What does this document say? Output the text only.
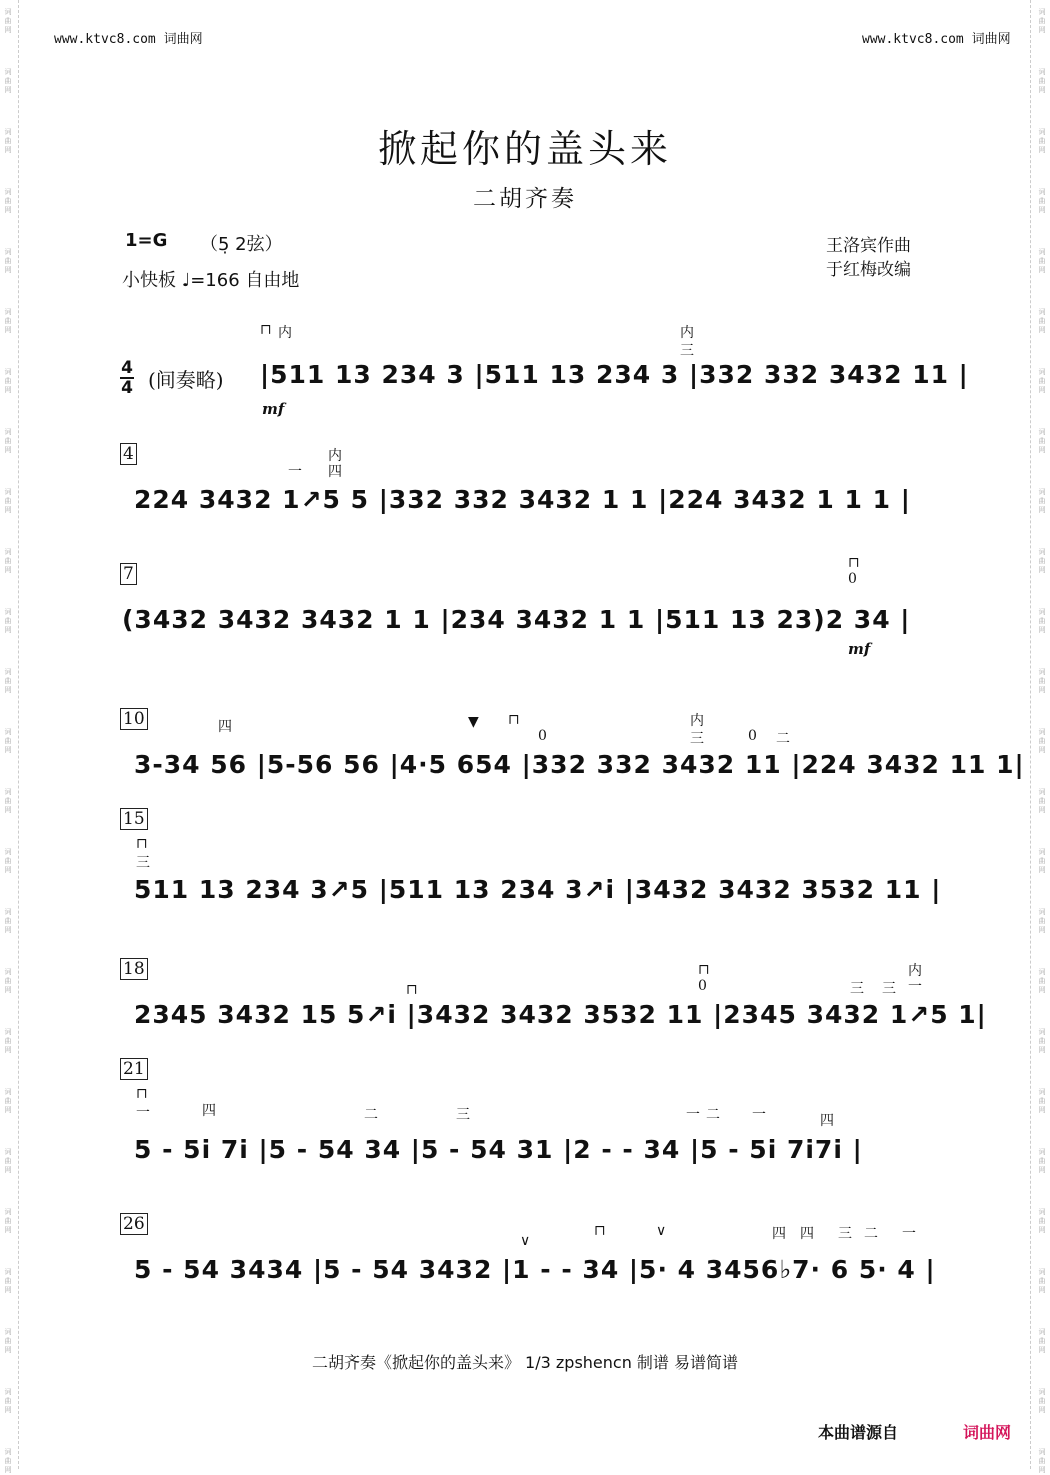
词
曲
网
词
曲
网
词
曲
网
词
曲
网
词
曲
网
词
曲
网
词
曲
网
词
曲
网
词
曲
网
词
曲
网
词
曲
网
词
曲
网
词
曲
网
词
曲
网
词
曲
网
词
曲
网
词
曲
网
词
曲
网
词
曲
网
词
曲
网
词
曲
网
词
曲
网
词
曲
网
词
曲
网
词
曲
网
词
曲
网
词
曲
网
词
曲
网
词
曲
网
词
曲
网
词
曲
网
词
曲
网
词
曲
网
词
曲
网
词
曲
网
词
曲
网
词
曲
网
词
曲
网
词
曲
网
词
曲
网
词
曲
网
词
曲
网
词
曲
网
词
曲
网
词
曲
网
词
曲
网
词
曲
网
词
曲
网
词
曲
网
词
曲
网
www.ktvc8.com 词曲网	www.ktvc8.com 词曲网
掀起你的盖头来
二胡齐奏
1=G （5̣ 2弦）
小快板 ♩=166 自由地
王洛宾作曲
于红梅改编
4
4 (间奏略)
⊓ 内	内
三
|511 13 234 3 |511 13 234 3 |332 332 3432 11 |
mf
4	内
四
一
224 3432 1↗5 5 |332 332 3432 1 1 |224 3432 1 1 1 |
7
⊓
0
(3432 3432 3432 1 1 |234 3432 1 1 |511 13 23)2 34 |
mf
10	四	▼ ⊓
0
内
三	0 二
3-34 56 |5-56 56 |4·5 654 |332 332 3432 11 |224 3432 11 1|
15
⊓
三
511 13 234 3↗5 |511 13 234 3↗i |3432 3432 3532 11 |
18
⊓
⊓
0	三 三
内
一
2345 3432 15 5↗i |3432 3432 3532 11 |2345 3432 1↗5 1|
21
⊓
一	四	二	三	一 二 一	四
5 - 5i 7i |5 - 54 34 |5 - 54 31 |2 - - 34 |5 - 5i 7i7i |
26
∨
⊓	∨	四 四 三 二 一
5 - 54 3434 |5 - 54 3432 |1 - - 34 |5· 4 3456♭7· 6 5· 4 |
二胡齐奏《掀起你的盖头来》 1/3 zpshencn 制谱 易谱简谱
本曲谱源自	词曲网
